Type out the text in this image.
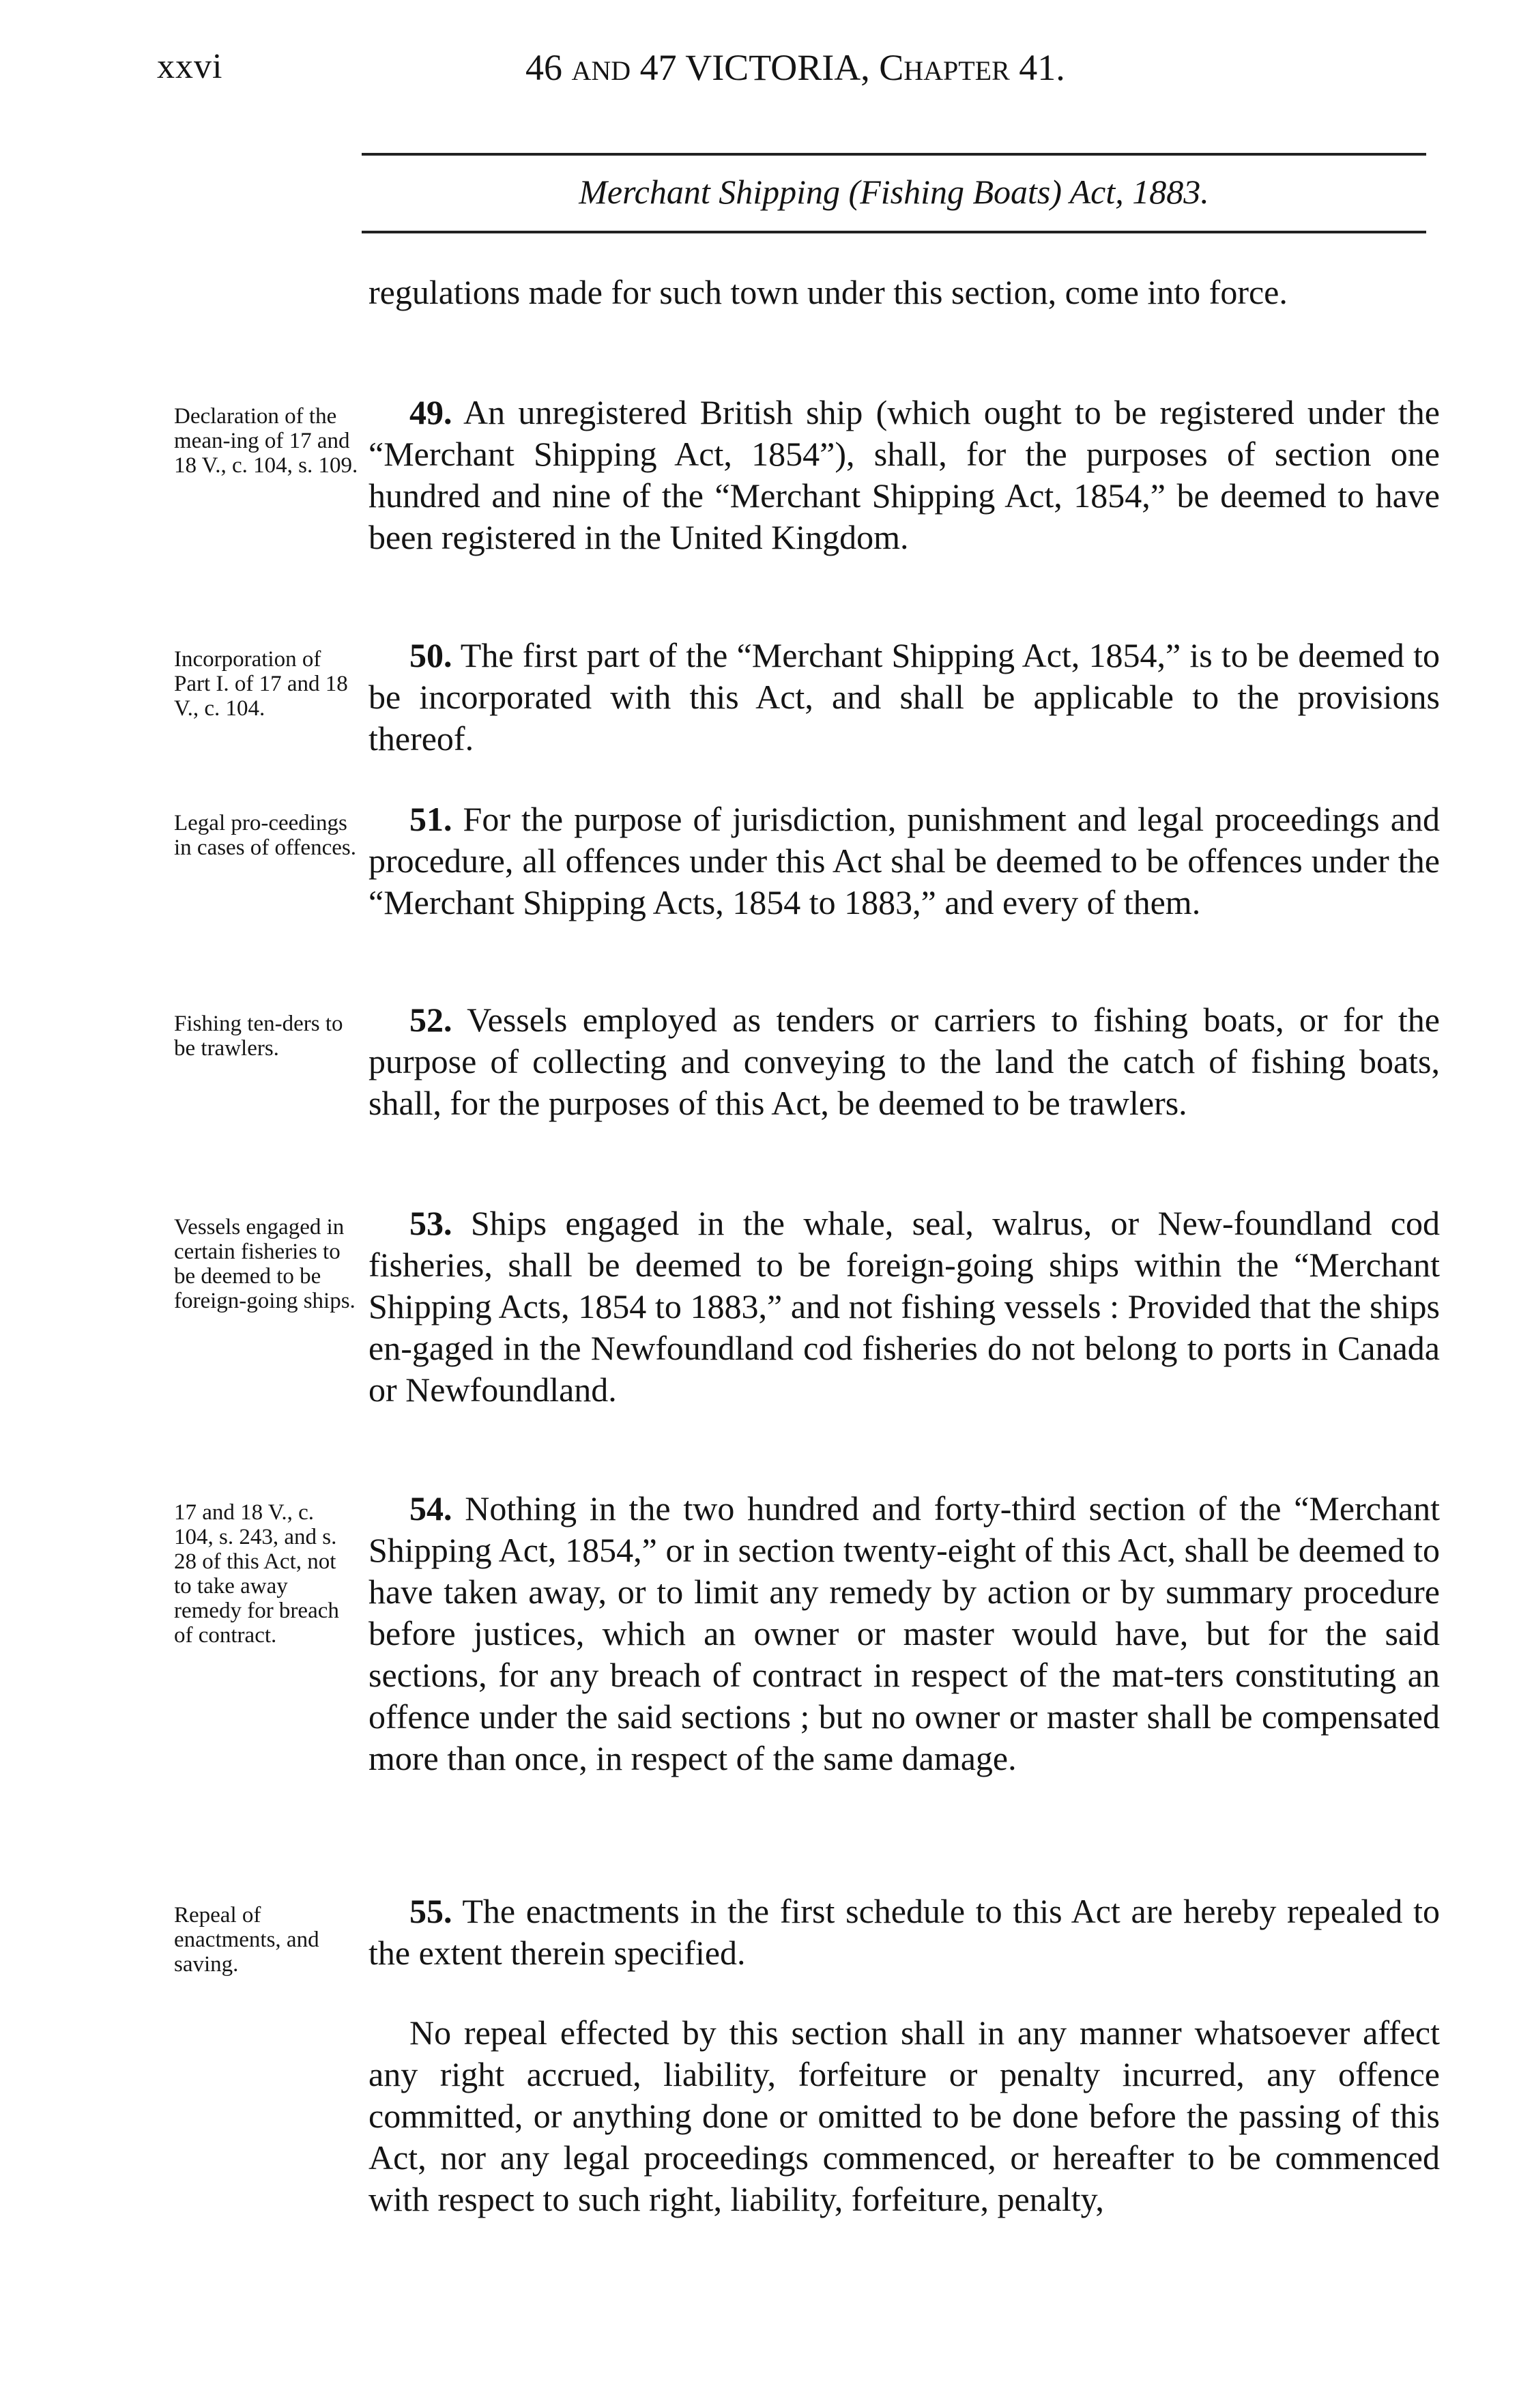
xxvi	46 AND 47 VICTORIA, CHAPTER 41.
Merchant Shipping (Fishing Boats) Act, 1883.
regulations made for such town under this section, come into force.
Declaration of the mean-ing of 17 and 18 V., c. 104, s. 109.
49. An unregistered British ship (which ought to be registered under the “Merchant Shipping Act, 1854”), shall, for the purposes of section one hundred and nine of the “Merchant Shipping Act, 1854,” be deemed to have been registered in the United Kingdom.
Incorporation of Part I. of 17 and 18 V., c. 104.
50. The first part of the “Merchant Shipping Act, 1854,” is to be deemed to be incorporated with this Act, and shall be applicable to the provisions thereof.
Legal pro-ceedings in cases of offences.
51. For the purpose of jurisdiction, punishment and legal proceedings and procedure, all offences under this Act shal be deemed to be offences under the “Merchant Shipping Acts, 1854 to 1883,” and every of them.
Fishing ten-ders to be trawlers.
52. Vessels employed as tenders or carriers to fishing boats, or for the purpose of collecting and conveying to the land the catch of fishing boats, shall, for the purposes of this Act, be deemed to be trawlers.
Vessels engaged in certain fisheries to be deemed to be foreign-going ships.
53. Ships engaged in the whale, seal, walrus, or New-foundland cod fisheries, shall be deemed to be foreign-going ships within the “Merchant Shipping Acts, 1854 to 1883,” and not fishing vessels : Provided that the ships en-gaged in the Newfoundland cod fisheries do not belong to ports in Canada or Newfoundland.
17 and 18 V., c. 104, s. 243, and s. 28 of this Act, not to take away remedy for breach of contract.
54. Nothing in the two hundred and forty-third section of the “Merchant Shipping Act, 1854,” or in section twenty-eight of this Act, shall be deemed to have taken away, or to limit any remedy by action or by summary procedure before justices, which an owner or master would have, but for the said sections, for any breach of contract in respect of the mat-ters constituting an offence under the said sections ; but no owner or master shall be compensated more than once, in respect of the same damage.
Repeal of enactments, and saving.
55. The enactments in the first schedule to this Act are hereby repealed to the extent therein specified.
No repeal effected by this section shall in any manner whatsoever affect any right accrued, liability, forfeiture or penalty incurred, any offence committed, or anything done or omitted to be done before the passing of this Act, nor any legal proceedings commenced, or hereafter to be commenced with respect to such right, liability, forfeiture, penalty,
